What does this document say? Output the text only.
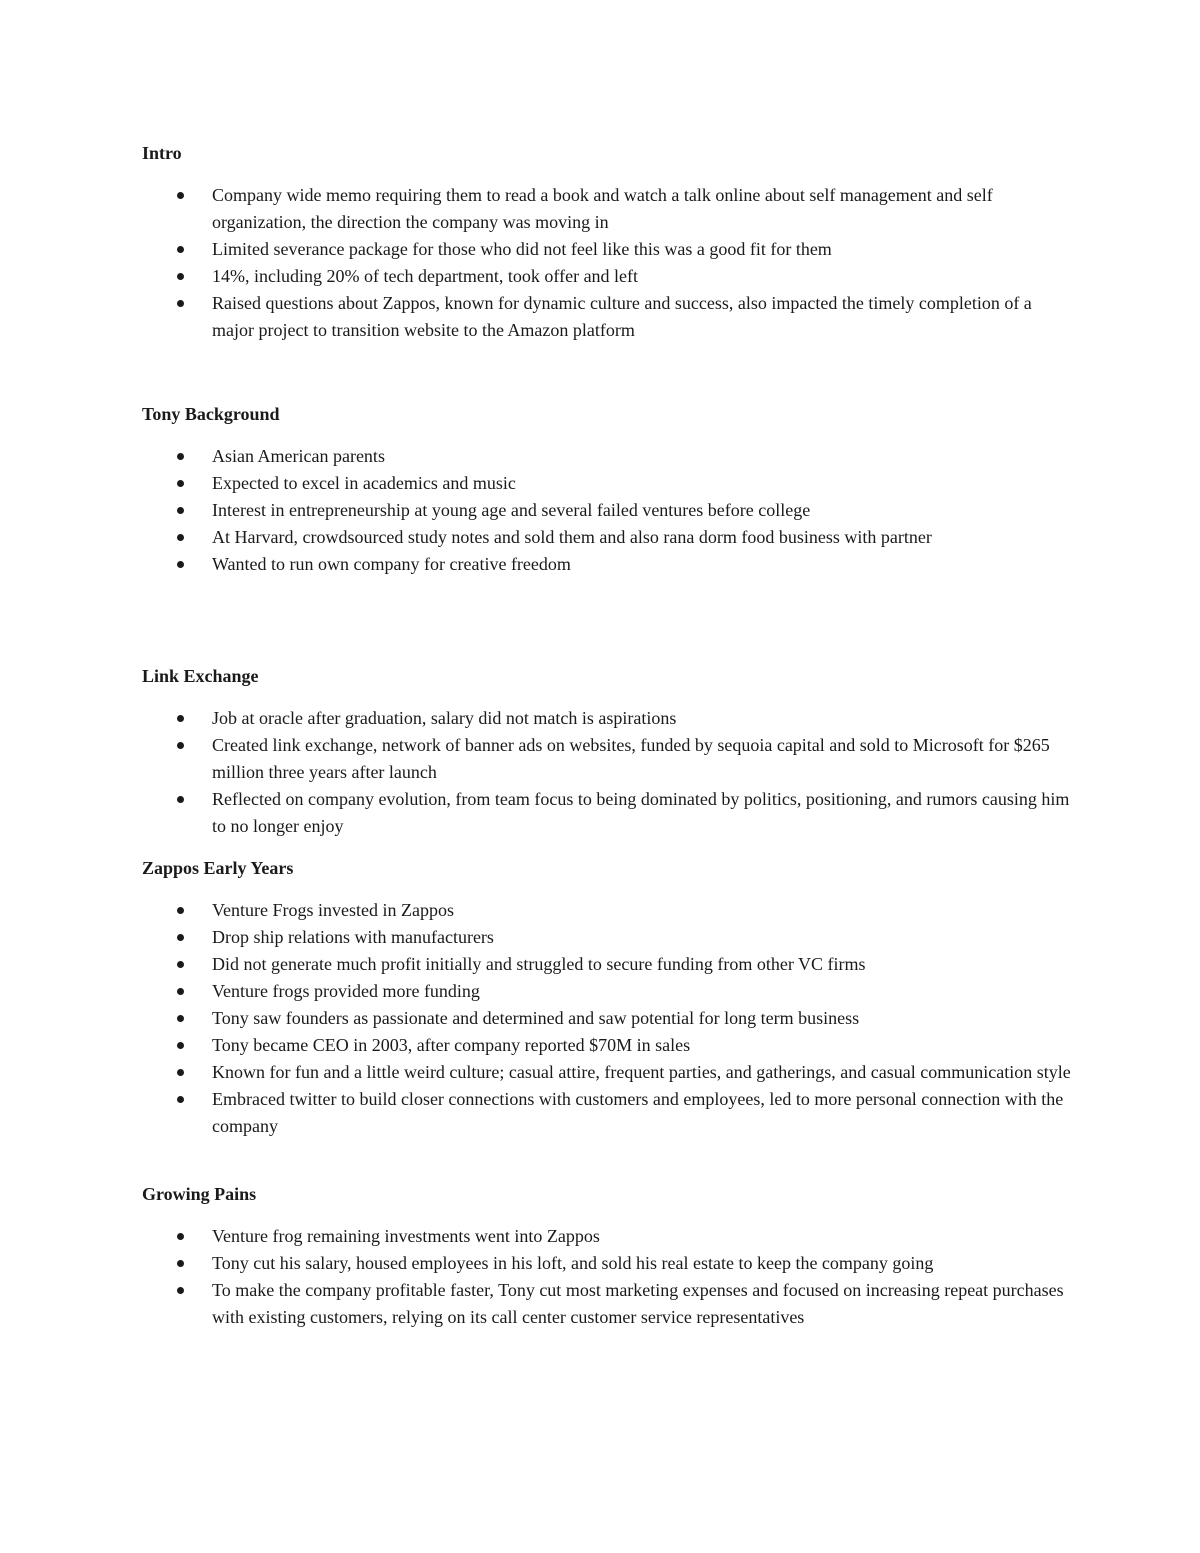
Intro
Company wide memo requiring them to read a book and watch a talk online about self management and self organization, the direction the company was moving in
Limited severance package for those who did not feel like this was a good fit for them
14%, including 20% of tech department, took offer and left
Raised questions about Zappos, known for dynamic culture and success, also impacted the timely completion of a major project to transition website to the Amazon platform
Tony Background
Asian American parents
Expected to excel in academics and music
Interest in entrepreneurship at young age and several failed ventures before college
At Harvard, crowdsourced study notes and sold them and also rana dorm food business with partner
Wanted to run own company for creative freedom
Link Exchange
Job at oracle after graduation, salary did not match is aspirations
Created link exchange, network of banner ads on websites, funded by sequoia capital and sold to Microsoft for $265 million three years after launch
Reflected on company evolution, from team focus to being dominated by politics, positioning, and rumors causing him to no longer enjoy
Zappos Early Years
Venture Frogs invested in Zappos
Drop ship relations with manufacturers
Did not generate much profit initially and struggled to secure funding from other VC firms
Venture frogs provided more funding
Tony saw founders as passionate and determined and saw potential for long term business
Tony became CEO in 2003, after company reported $70M in sales
Known for fun and a little weird culture; casual attire, frequent parties, and gatherings, and casual communication style
Embraced twitter to build closer connections with customers and employees, led to more personal connection with the company
Growing Pains
Venture frog remaining investments went into Zappos
Tony cut his salary, housed employees in his loft, and sold his real estate to keep the company going
To make the company profitable faster, Tony cut most marketing expenses and focused on increasing repeat purchases with existing customers, relying on its call center customer service representatives
